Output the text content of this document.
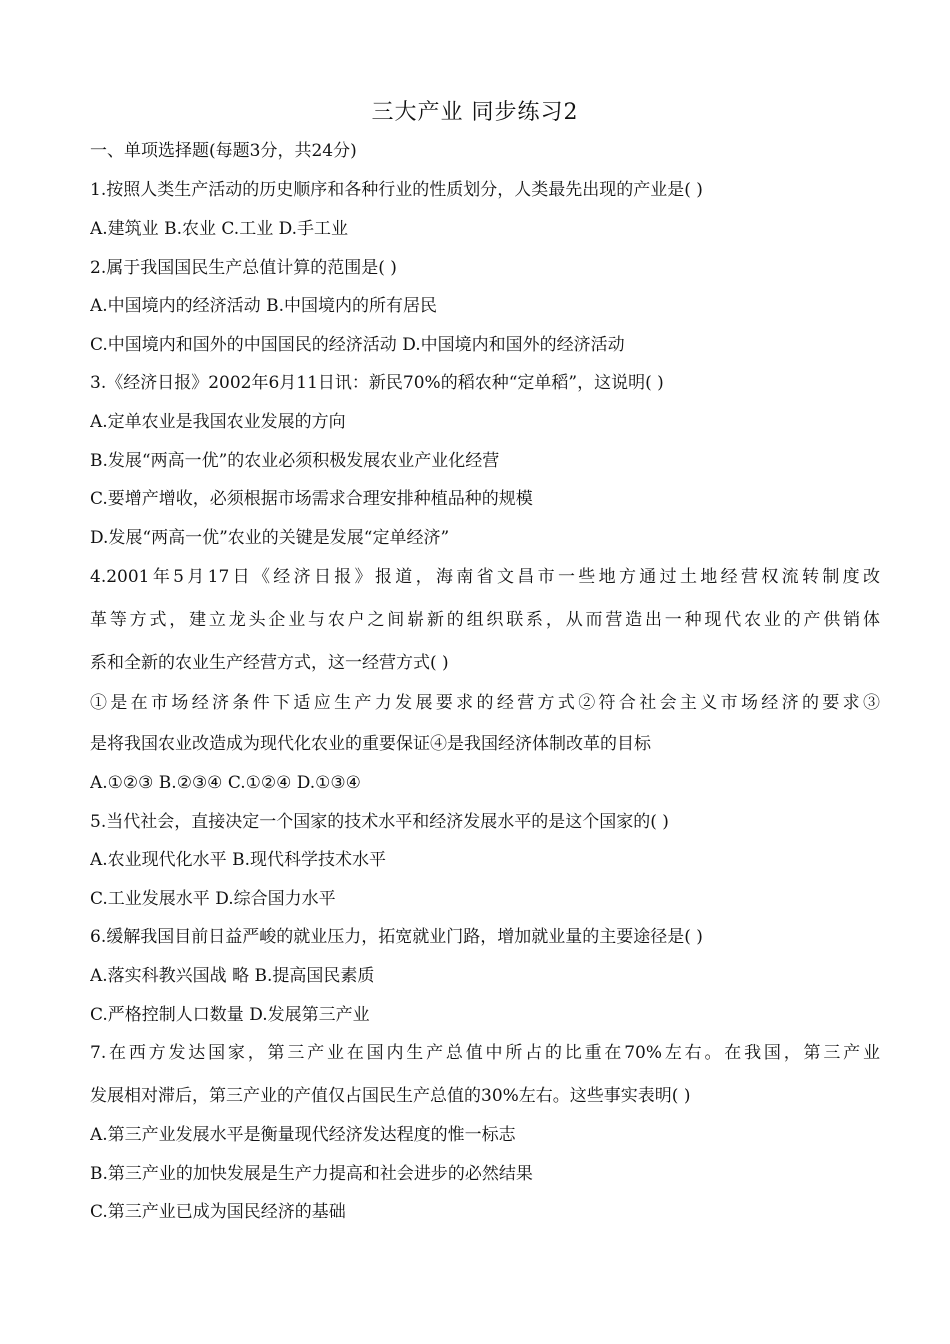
三大产业 同步练习2
一、单项选择题(每题3分，共24分)
1.按照人类生产活动的历史顺序和各种行业的性质划分，人类最先出现的产业是( )
A.建筑业 B.农业 C.工业 D.手工业
2.属于我国国民生产总值计算的范围是( )
A.中国境内的经济活动 B.中国境内的所有居民
C.中国境内和国外的中国国民的经济活动 D.中国境内和国外的经济活动
3.《经济日报》2002年6月11日讯：新民70%的稻农种“定单稻”，这说明( )
A.定单农业是我国农业发展的方向
B.发展“两高一优”的农业必须积极发展农业产业化经营
C.要增产增收，必须根据市场需求合理安排种植品种的规模
D.发展“两高一优”农业的关键是发展“定单经济”
4.2001年5月17日《经济日报》报道，海南省文昌市一些地方通过土地经营权流转制度改
革等方式，建立龙头企业与农户之间崭新的组织联系，从而营造出一种现代农业的产供销体
系和全新的农业生产经营方式，这一经营方式( )
①是在市场经济条件下适应生产力发展要求的经营方式②符合社会主义市场经济的要求③
是将我国农业改造成为现代化农业的重要保证④是我国经济体制改革的目标
A.①②③ B.②③④ C.①②④ D.①③④
5.当代社会，直接决定一个国家的技术水平和经济发展水平的是这个国家的( )
A.农业现代化水平 B.现代科学技术水平
C.工业发展水平 D.综合国力水平
6.缓解我国目前日益严峻的就业压力，拓宽就业门路，增加就业量的主要途径是( )
A.落实科教兴国战 略 B.提高国民素质
C.严格控制人口数量 D.发展第三产业
7.在西方发达国家，第三产业在国内生产总值中所占的比重在70%左右。在我国，第三产业
发展相对滞后，第三产业的产值仅占国民生产总值的30%左右。这些事实表明( )
A.第三产业发展水平是衡量现代经济发达程度的惟一标志
B.第三产业的加快发展是生产力提高和社会进步的必然结果
C.第三产业已成为国民经济的基础
